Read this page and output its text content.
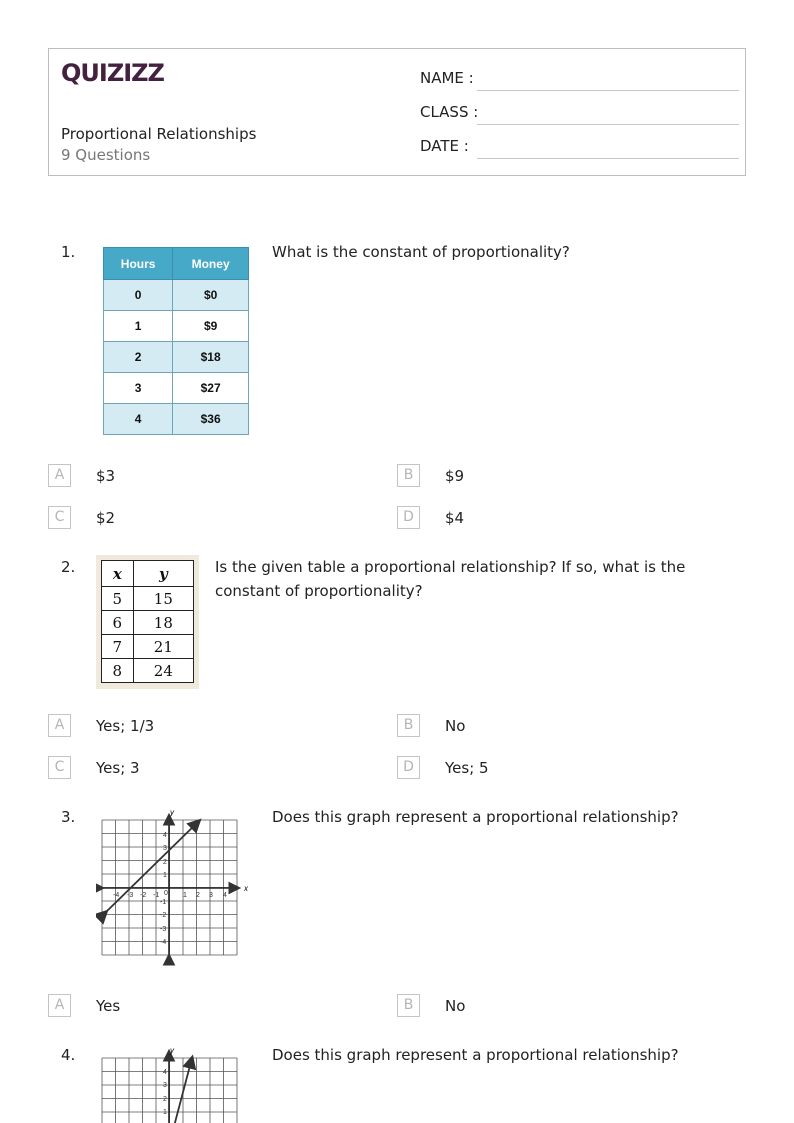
QUIZIZZ
Proportional Relationships
9 Questions
NAME :
CLASS :
DATE :
1.
Hours	Money
0	$0
1	$9
2	$18
3	$27
4	$36
What is the constant of proportionality?
A	$3	B	$9
C	$2	D	$4
2.	x	y
5	15
6	18
7	21
8	24
Is the given table a proportional relationship? If so, what is the constant of proportionality?
A	Yes; 1/3	B	No
C	Yes; 3	D	Yes; 5
3.
x
y
-4 -3 -2 -1 0 1 2 3 4
4
3
2
1
-1
-2
-3
-4
Does this graph represent a proportional relationship?
A	Yes	B	No
4.	y
4
3
2
1
Does this graph represent a proportional relationship?
